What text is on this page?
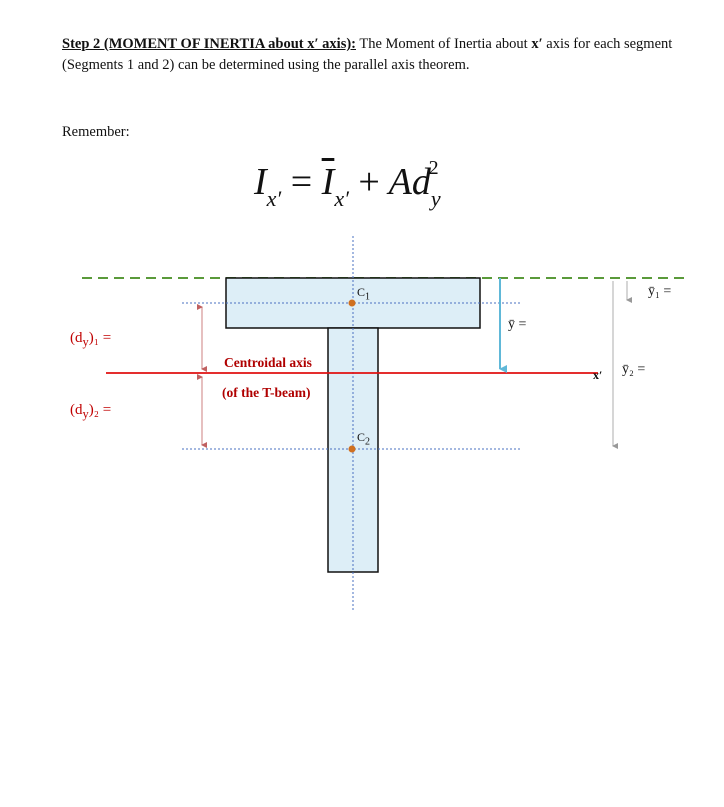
Step 2 (MOMENT OF INERTIA about x′ axis): The Moment of Inertia about x′ axis for each segment (Segments 1 and 2) can be determined using the parallel axis theorem.

Remember:
$I_{x'} = \overline{I}_{x'} + Ad_y^2$
$(d_y)_1$ =
$(d_y)_2$ =
Centroidal axis
(of the T-beam)
$C_1$
$C_2$
ȳ =
ȳ₁ =
ȳ₂ =
x′
